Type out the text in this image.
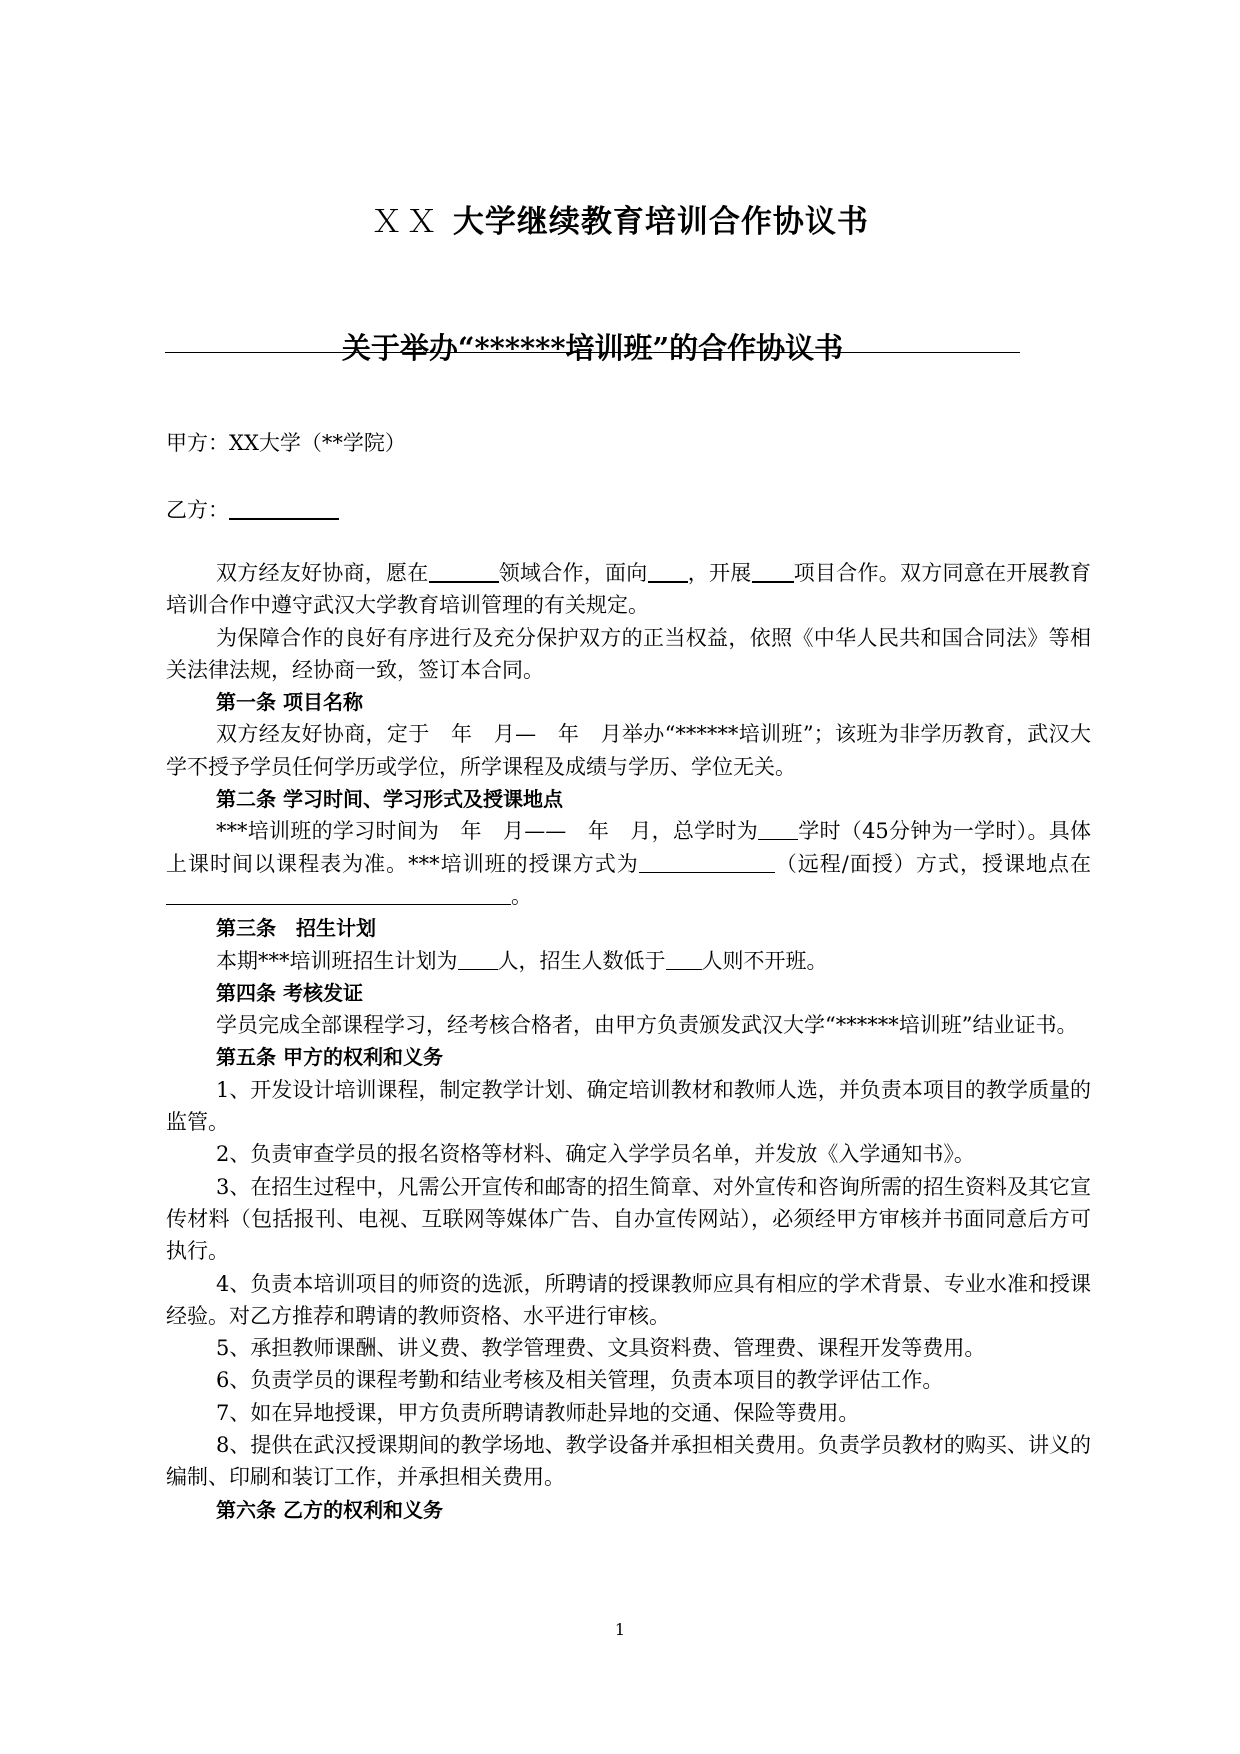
ＸＸ 大学继续教育培训合作协议书
关于举办“******培训班”的合作协议书

甲方：XX大学（**学院）

乙方：

双方经友好协商，愿在	领域合作，面向 ，开展 项目合作。双方同意在开展教育培训合作中遵守武汉大学教育培训管理的有关规定。

为保障合作的良好有序进行及充分保护双方的正当权益，依照《中华人民共和国合同法》等相关法律法规，经协商一致，签订本合同。

第一条 项目名称

双方经友好协商，定于　年　月—　年　月举办“******培训班”；该班为非学历教育，武汉大学不授予学员任何学历或学位，所学课程及成绩与学历、学位无关。

第二条 学习时间、学习形式及授课地点

***培训班的学习时间为　年　月——　年　月，总学时为 学时（45分钟为一学时）。具体上课时间以课程表为准。***培训班的授课方式为	（远程/面授）方式，授课地点在。

第三条　招生计划

本期***培训班招生计划为 人，招生人数低于 人则不开班。

第四条 考核发证

学员完成全部课程学习，经考核合格者，由甲方负责颁发武汉大学“******培训班”结业证书。

第五条 甲方的权利和义务

1、开发设计培训课程，制定教学计划、确定培训教材和教师人选，并负责本项目的教学质量的监管。

2、负责审查学员的报名资格等材料、确定入学学员名单，并发放《入学通知书》。

3、在招生过程中，凡需公开宣传和邮寄的招生简章、对外宣传和咨询所需的招生资料及其它宣传材料（包括报刊、电视、互联网等媒体广告、自办宣传网站），必须经甲方审核并书面同意后方可执行。

4、负责本培训项目的师资的选派，所聘请的授课教师应具有相应的学术背景、专业水准和授课经验。对乙方推荐和聘请的教师资格、水平进行审核。

5、承担教师课酬、讲义费、教学管理费、文具资料费、管理费、课程开发等费用。

6、负责学员的课程考勤和结业考核及相关管理，负责本项目的教学评估工作。

7、如在异地授课，甲方负责所聘请教师赴异地的交通、保险等费用。

8、提供在武汉授课期间的教学场地、教学设备并承担相关费用。负责学员教材的购买、讲义的编制、印刷和装订工作，并承担相关费用。

第六条 乙方的权利和义务

1
